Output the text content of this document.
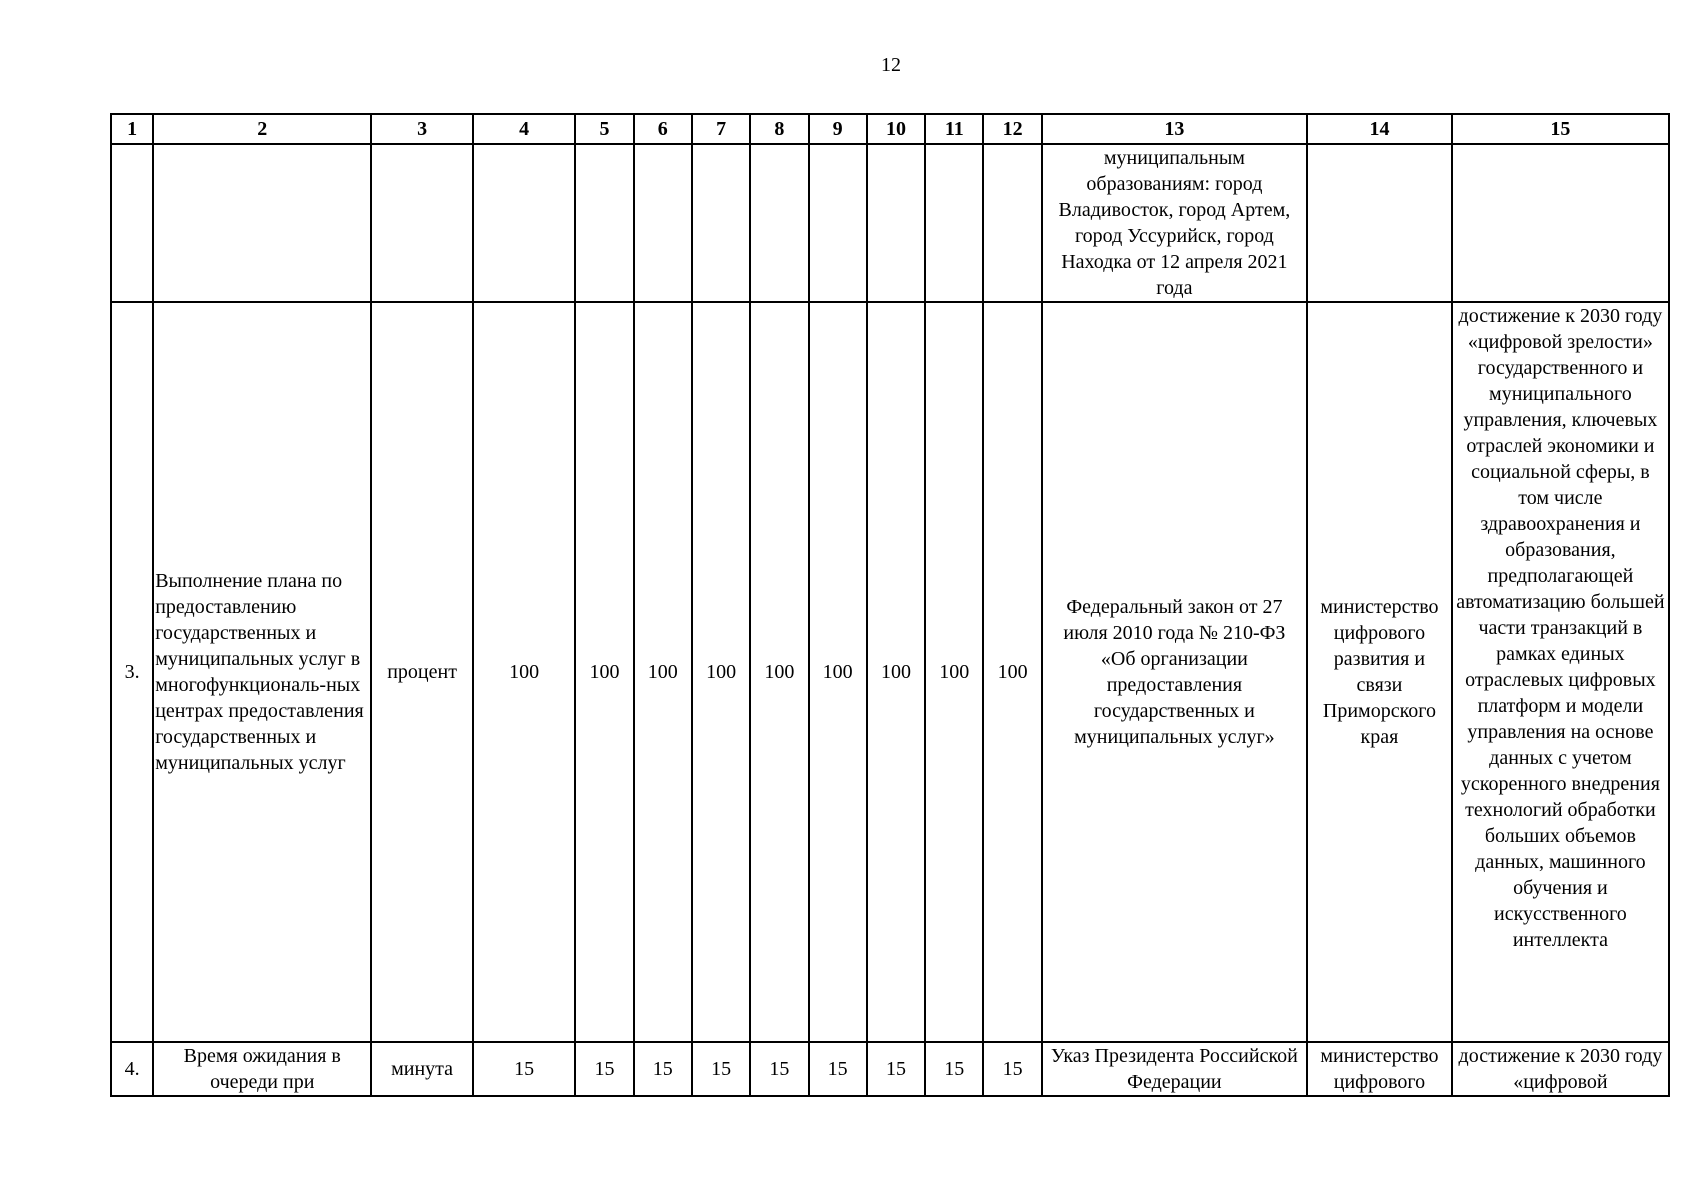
12
1	2	3	4	5	6	7	8	9	10	11	12	13	14	15
												муниципальным образованиям: город Владивосток, город Артем, город Уссурийск, город Находка от 12 апреля 2021 года		
3.	Выполнение плана по предоставлению государственных и муниципальных услуг в многофункциональ-ных центрах предоставления государственных и муниципальных услуг	процент	100	100	100	100	100	100	100	100	100	Федеральный закон от 27 июля 2010 года № 210-ФЗ «Об организации предоставления государственных и муниципальных услуг»	министерство цифрового развития и связи Приморского края	достижение к 2030 году «цифровой зрелости» государственного и муниципального управления, ключевых отраслей экономики и социальной сферы, в том числе здравоохранения и образования, предполагающей автоматизацию большей части транзакций в рамках единых отраслевых цифровых платформ и модели управления на основе данных с учетом ускоренного внедрения технологий обработки больших объемов данных, машинного обучения и искусственного интеллекта
4.	Время ожидания в очереди при	минута	15	15	15	15	15	15	15	15	15	Указ Президента Российской Федерации	министерство цифрового	достижение к 2030 году «цифровой
